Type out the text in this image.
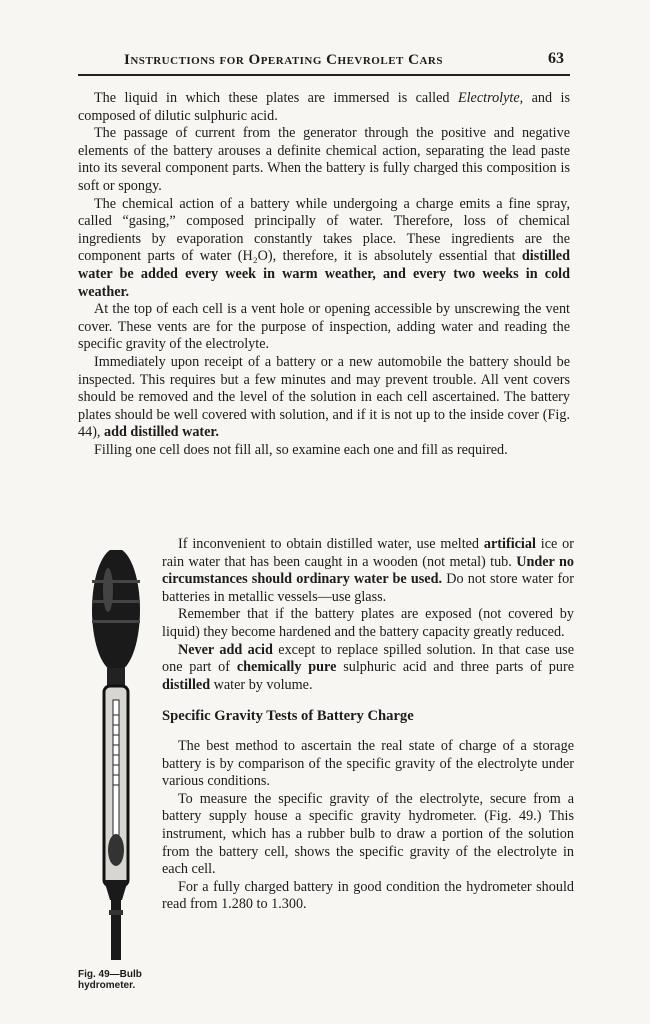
Instructions for Operating Chevrolet Cars	63

The liquid in which these plates are immersed is called Electrolyte, and is composed of dilutic sulphuric acid.

The passage of current from the generator through the positive and negative elements of the battery arouses a definite chemical action, separating the lead paste into its several component parts. When the battery is fully charged this composition is soft or spongy.

The chemical action of a battery while undergoing a charge emits a fine spray, called “gasing,” composed principally of water. Therefore, loss of chemical ingredients by evaporation constantly takes place. These ingredients are the component parts of water (H₂O), therefore, it is absolutely essential that distilled water be added every week in warm weather, and every two weeks in cold weather.

At the top of each cell is a vent hole or opening accessible by unscrewing the vent cover. These vents are for the purpose of inspection, adding water and reading the specific gravity of the electrolyte.

Immediately upon receipt of a battery or a new automobile the battery should be inspected. This requires but a few minutes and may prevent trouble. All vent covers should be removed and the level of the solution in each cell ascertained. The battery plates should be well covered with solution, and if it is not up to the inside cover (Fig. 44), add distilled water.

Filling one cell does not fill all, so examine each one and fill as required.

Fig. 49—Bulb hydrometer.

If inconvenient to obtain distilled water, use melted artificial ice or rain water that has been caught in a wooden (not metal) tub. Under no circumstances should ordinary water be used. Do not store water for batteries in metallic vessels—use glass.

Remember that if the battery plates are exposed (not covered by liquid) they become hardened and the battery capacity greatly reduced.

Never add acid except to replace spilled solution. In that case use one part of chemically pure sulphuric acid and three parts of pure distilled water by volume.

Specific Gravity Tests of Battery Charge

The best method to ascertain the real state of charge of a storage battery is by comparison of the specific gravity of the electrolyte under various conditions.

To measure the specific gravity of the electrolyte, secure from a battery supply house a specific gravity hydrometer. (Fig. 49.) This instrument, which has a rubber bulb to draw a portion of the solution from the battery cell, shows the specific gravity of the electrolyte in each cell.

For a fully charged battery in good condition the hydrometer should read from 1.280 to 1.300.
